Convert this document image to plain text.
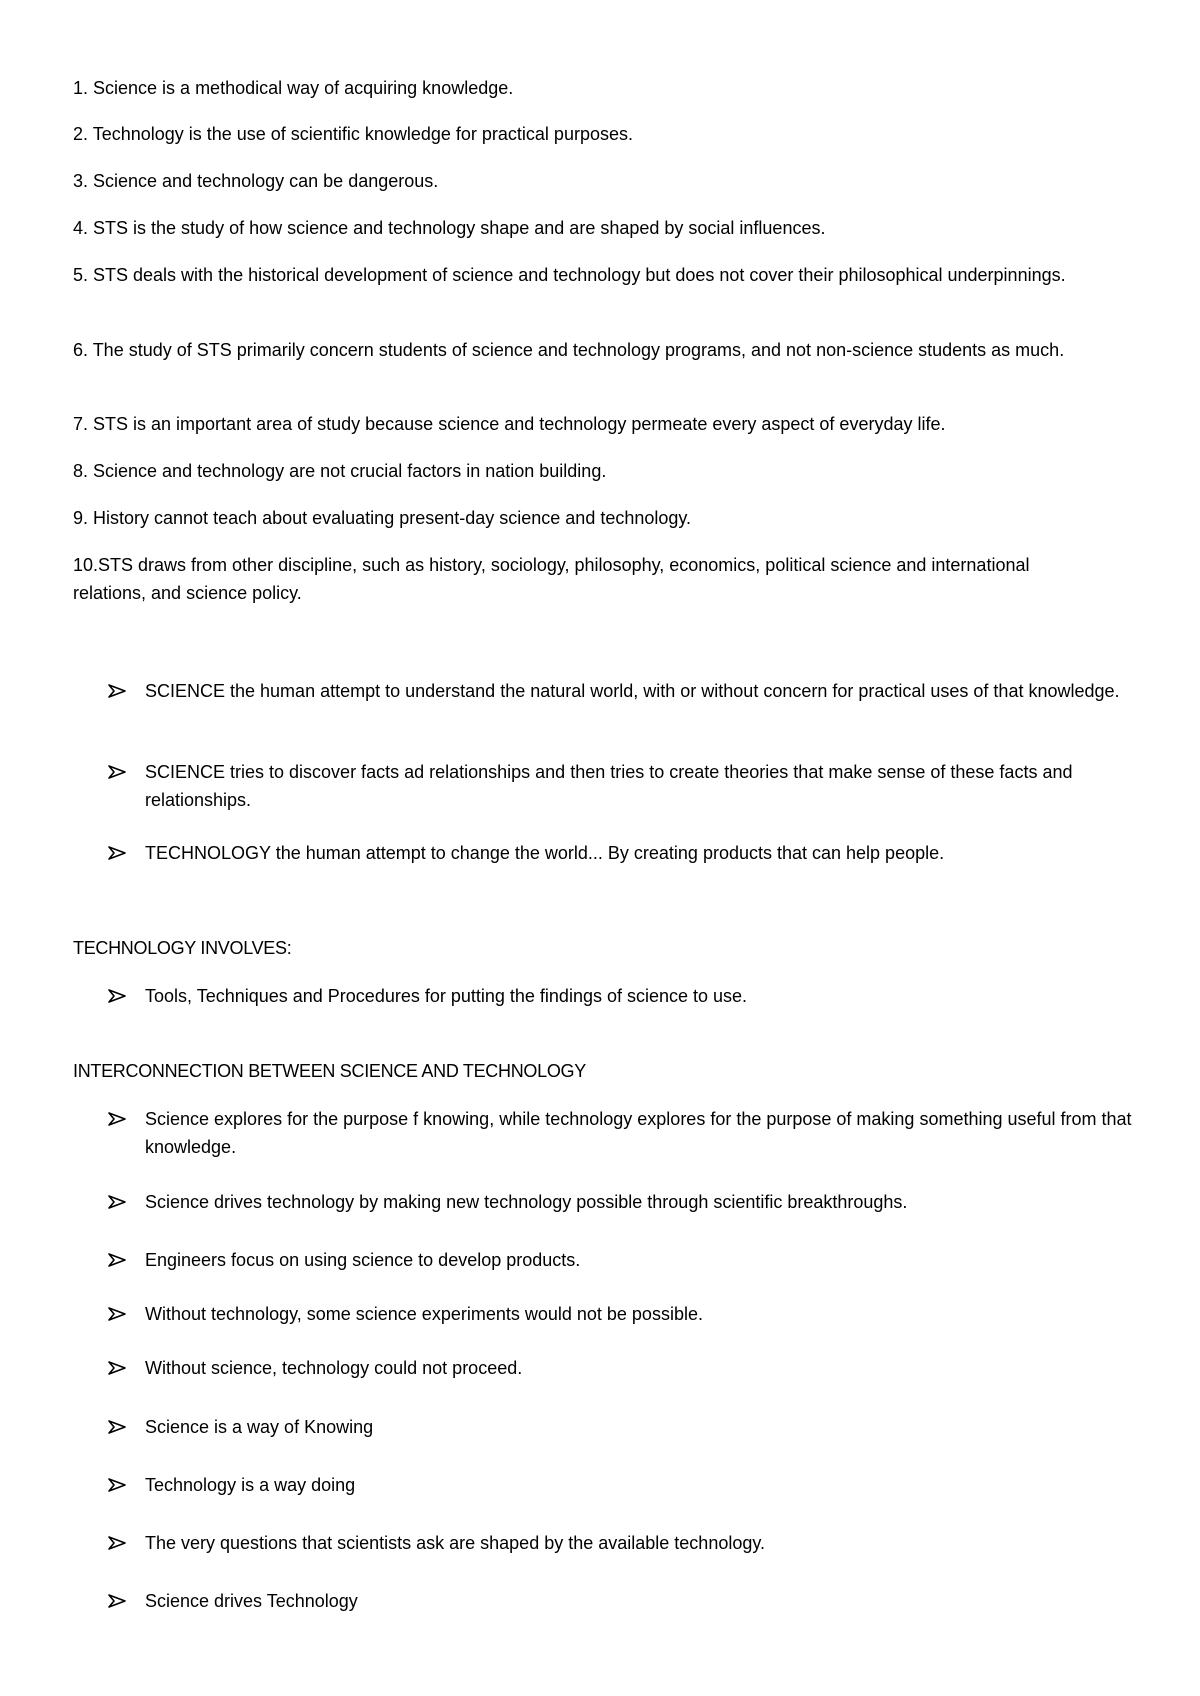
1. Science is a methodical way of acquiring knowledge.
2. Technology is the use of scientific knowledge for practical purposes.
3. Science and technology can be dangerous.
4. STS is the study of how science and technology shape and are shaped by social influences.
5. STS deals with the historical development of science and technology but does not cover their philosophical underpinnings.
6. The study of STS primarily concern students of science and technology programs, and not non-science students as much.
7. STS is an important area of study because science and technology permeate every aspect of everyday life.
8. Science and technology are not crucial factors in nation building.
9. History cannot teach about evaluating present-day science and technology.
10.STS draws from other discipline, such as history, sociology, philosophy, economics, political science and international relations, and science policy.
SCIENCE the human attempt to understand the natural world, with or without concern for practical uses of that knowledge.
SCIENCE tries to discover facts ad relationships and then tries to create theories that make sense of these facts and relationships.
TECHNOLOGY the human attempt to change the world... By creating products that can help people.
TECHNOLOGY INVOLVES:
Tools, Techniques and Procedures for putting the findings of science to use.
INTERCONNECTION BETWEEN SCIENCE AND TECHNOLOGY
Science explores for the purpose f knowing, while technology explores for the purpose of making something useful from that knowledge.
Science drives technology by making new technology possible through scientific breakthroughs.
Engineers focus on using science to develop products.
Without technology, some science experiments would not be possible.
Without science, technology could not proceed.
Science is a way of Knowing
Technology is a way doing
The very questions that scientists ask are shaped by the available technology.
Science drives Technology
